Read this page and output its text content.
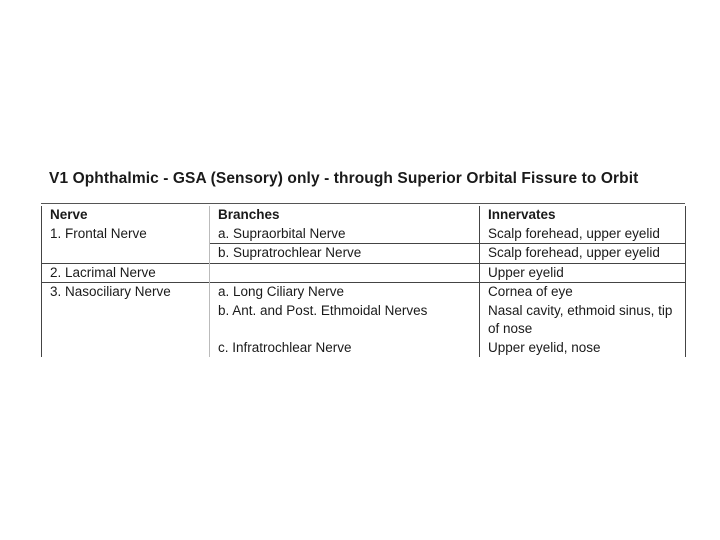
V1 Ophthalmic - GSA (Sensory) only - through Superior Orbital Fissure to Orbit
Nerve	Branches	Innervates
1. Frontal Nerve	a. Supraorbital Nerve	Scalp forehead, upper eyelid
	b. Supratrochlear Nerve	Scalp forehead, upper eyelid
2. Lacrimal Nerve		Upper eyelid
3. Nasociliary Nerve	a. Long Ciliary Nerve	Cornea of eye
	b. Ant. and Post. Ethmoidal Nerves	Nasal cavity, ethmoid sinus, tip of nose
	c. Infratrochlear Nerve	Upper eyelid, nose
